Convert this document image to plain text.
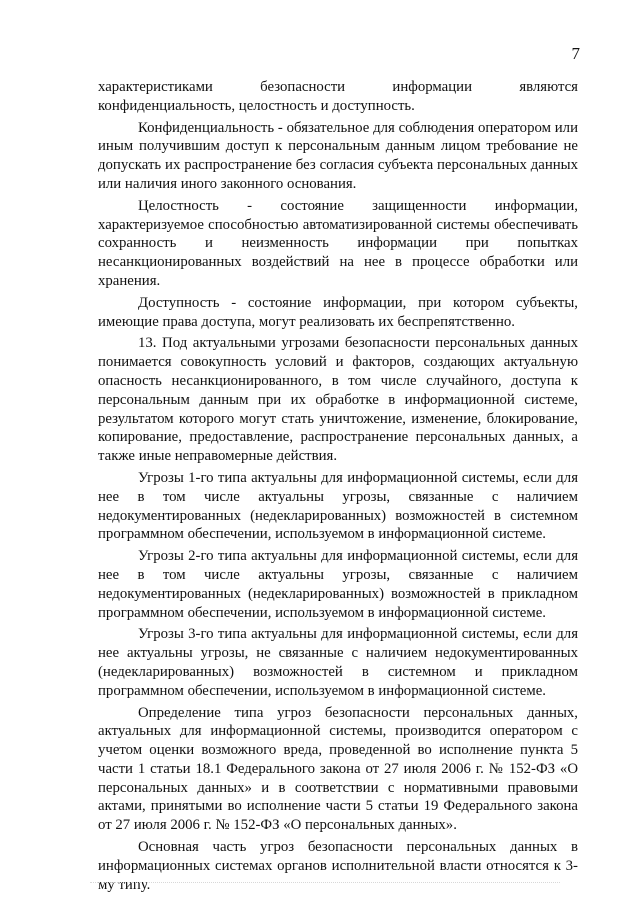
7

характеристиками безопасности информации являются конфиденциальность, целостность и доступность.

Конфиденциальность - обязательное для соблюдения оператором или иным получившим доступ к персональным данным лицом требование не допускать их распространение без согласия субъекта персональных данных или наличия иного законного основания.

Целостность - состояние защищенности информации, характеризуемое способностью автоматизированной системы обеспечивать сохранность и неизменность информации при попытках несанкционированных воздействий на нее в процессе обработки или хранения.

Доступность - состояние информации, при котором субъекты, имеющие права доступа, могут реализовать их беспрепятственно.

13. Под актуальными угрозами безопасности персональных данных понимается совокупность условий и факторов, создающих актуальную опасность несанкционированного, в том числе случайного, доступа к персональным данным при их обработке в информационной системе, результатом которого могут стать уничтожение, изменение, блокирование, копирование, предоставление, распространение персональных данных, а также иные неправомерные действия.

Угрозы 1-го типа актуальны для информационной системы, если для нее в том числе актуальны угрозы, связанные с наличием недокументированных (недекларированных) возможностей в системном программном обеспечении, используемом в информационной системе.

Угрозы 2-го типа актуальны для информационной системы, если для нее в том числе актуальны угрозы, связанные с наличием недокументированных (недекларированных) возможностей в прикладном программном обеспечении, используемом в информационной системе.

Угрозы 3-го типа актуальны для информационной системы, если для нее актуальны угрозы, не связанные с наличием недокументированных (недекларированных) возможностей в системном и прикладном программном обеспечении, используемом в информационной системе.

Определение типа угроз безопасности персональных данных, актуальных для информационной системы, производится оператором с учетом оценки возможного вреда, проведенной во исполнение пункта 5 части 1 статьи 18.1 Федерального закона от 27 июля 2006 г. № 152-ФЗ «О персональных данных» и в соответствии с нормативными правовыми актами, принятыми во исполнение части 5 статьи 19 Федерального закона от 27 июля 2006 г. № 152-ФЗ «О персональных данных».

Основная часть угроз безопасности персональных данных в информационных системах органов исполнительной власти относятся к 3-му типу.
